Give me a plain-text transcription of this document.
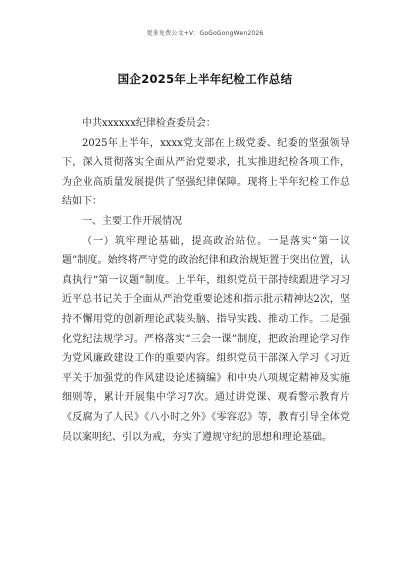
更多免费公文+V：GoGoGongWen2026
国企2025年上半年纪检工作总结

中共xxxxxx纪律检查委员会：

2025年上半年，xxxx党支部在上级党委、纪委的坚强领导下，深入贯彻落实全面从严治党要求，扎实推进纪检各项工作，为企业高质量发展提供了坚强纪律保障。现将上半年纪检工作总结如下：

一、主要工作开展情况

（一）筑牢理论基础，提高政治站位。一是落实“第一议题”制度。始终将严守党的政治纪律和政治规矩置于突出位置，认真执行“第一议题”制度。上半年，组织党员干部持续跟进学习习近平总书记关于全面从严治党重要论述和指示批示精神达2次，坚持不懈用党的创新理论武装头脑、指导实践、推动工作。二是强化党纪法规学习。严格落实“三会一课”制度，把政治理论学习作为党风廉政建设工作的重要内容。组织党员干部深入学习《习近平关于加强党的作风建设论述摘编》和中央八项规定精神及实施细则等，累计开展集中学习7次。通过讲党课、观看警示教育片《反腐为了人民》《八小时之外》《零容忍》等，教育引导全体党员以案明纪、引以为戒，夯实了遵规守纪的思想和理论基础。
